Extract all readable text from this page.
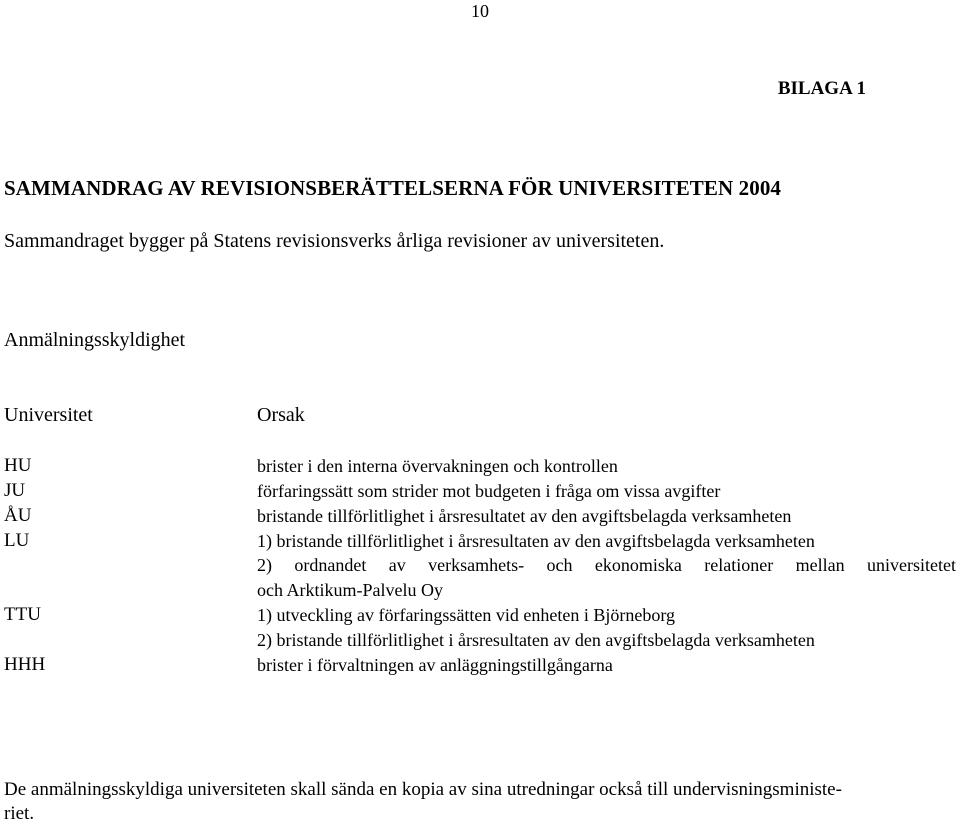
10
BILAGA 1
SAMMANDRAG AV REVISIONSBERÄTTELSERNA FÖR UNIVERSITETEN 2004
Sammandraget bygger på Statens revisionsverks årliga revisioner av universiteten.
Anmälningsskyldighet
Universitet	Orsak
HU
JU
ÅU
LU
TTU
HHH
brister i den interna övervakningen och kontrollen
förfaringssätt som strider mot budgeten i fråga om vissa avgifter
bristande tillförlitlighet i årsresultatet av den avgiftsbelagda verksamheten
1) bristande tillförlitlighet i årsresultaten av den avgiftsbelagda verksamheten
2) ordnandet av verksamhets- och ekonomiska relationer mellan universitetet
och Arktikum-Palvelu Oy
1) utveckling av förfaringssätten vid enheten i Björneborg
2) bristande tillförlitlighet i årsresultaten av den avgiftsbelagda verksamheten
brister i förvaltningen av anläggningstillgångarna
De anmälningsskyldiga universiteten skall sända en kopia av sina utredningar också till undervisningsministe-
riet.
